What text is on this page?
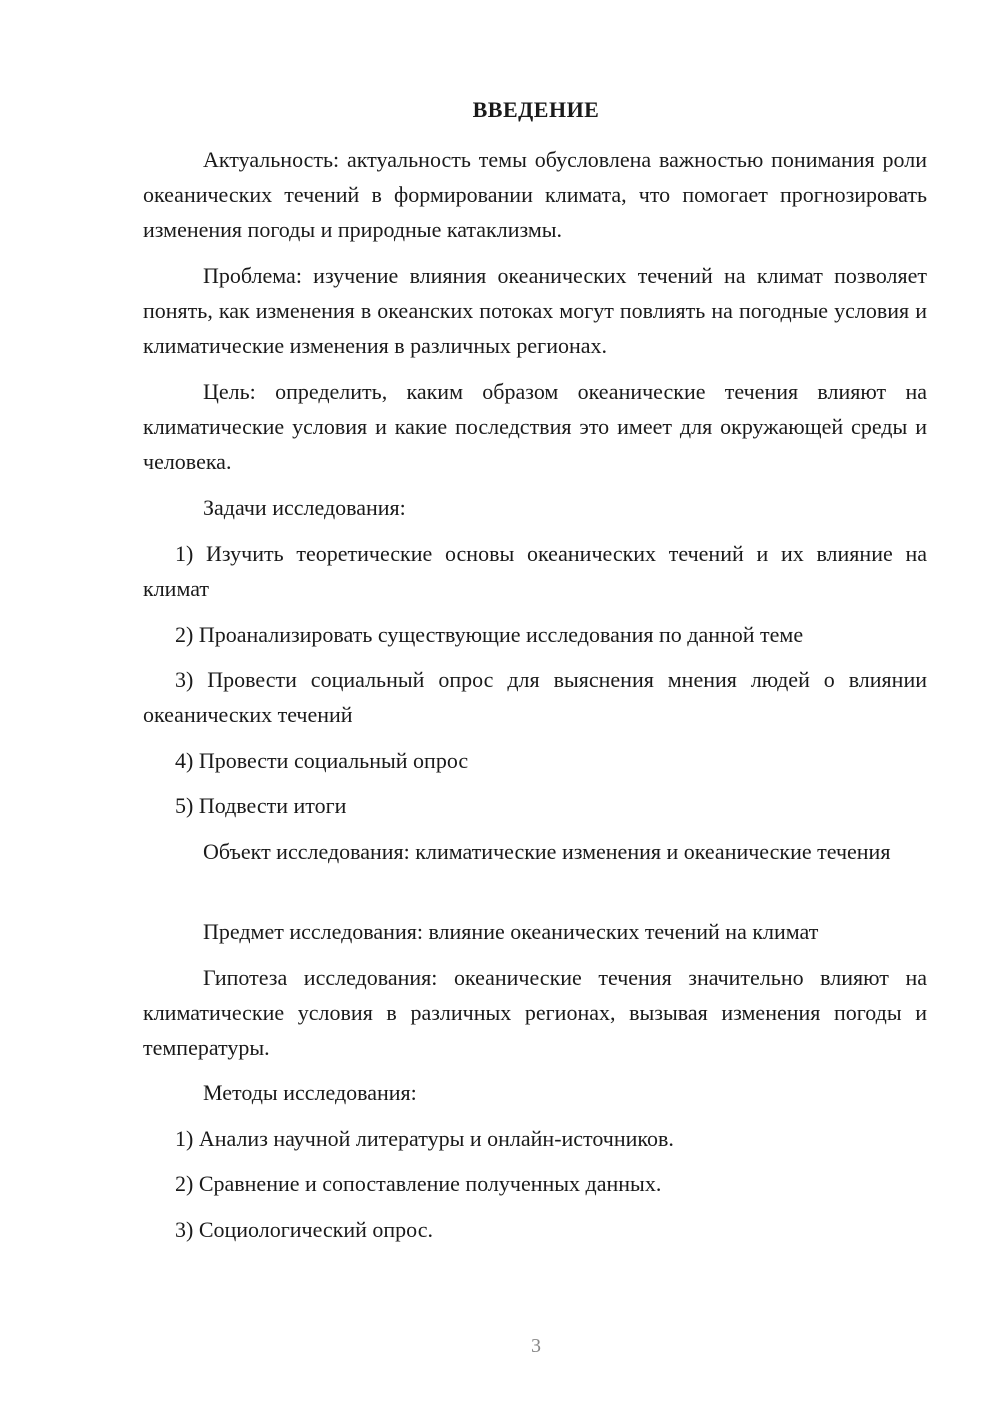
ВВЕДЕНИЕ

Актуальность: актуальность темы обусловлена важностью понимания роли океанических течений в формировании климата, что помогает прогнозировать изменения погоды и природные катаклизмы.

Проблема: изучение влияния океанических течений на климат позволяет понять, как изменения в океанских потоках могут повлиять на погодные условия и климатические изменения в различных регионах.

Цель: определить, каким образом океанические течения влияют на климатические условия и какие последствия это имеет для окружающей среды и человека.

Задачи исследования:

1) Изучить теоретические основы океанических течений и их влияние на климат

2) Проанализировать существующие исследования по данной теме

3) Провести социальный опрос для выяснения мнения людей о влиянии океанических течений

4) Провести социальный опрос

5) Подвести итоги

Объект исследования: климатические изменения и океанические течения

Предмет исследования: влияние океанических течений на климат

Гипотеза исследования: океанические течения значительно влияют на климатические условия в различных регионах, вызывая изменения погоды и температуры.

Методы исследования:

1) Анализ научной литературы и онлайн-источников.

2) Сравнение и сопоставление полученных данных.

3) Социологический опрос.

3
